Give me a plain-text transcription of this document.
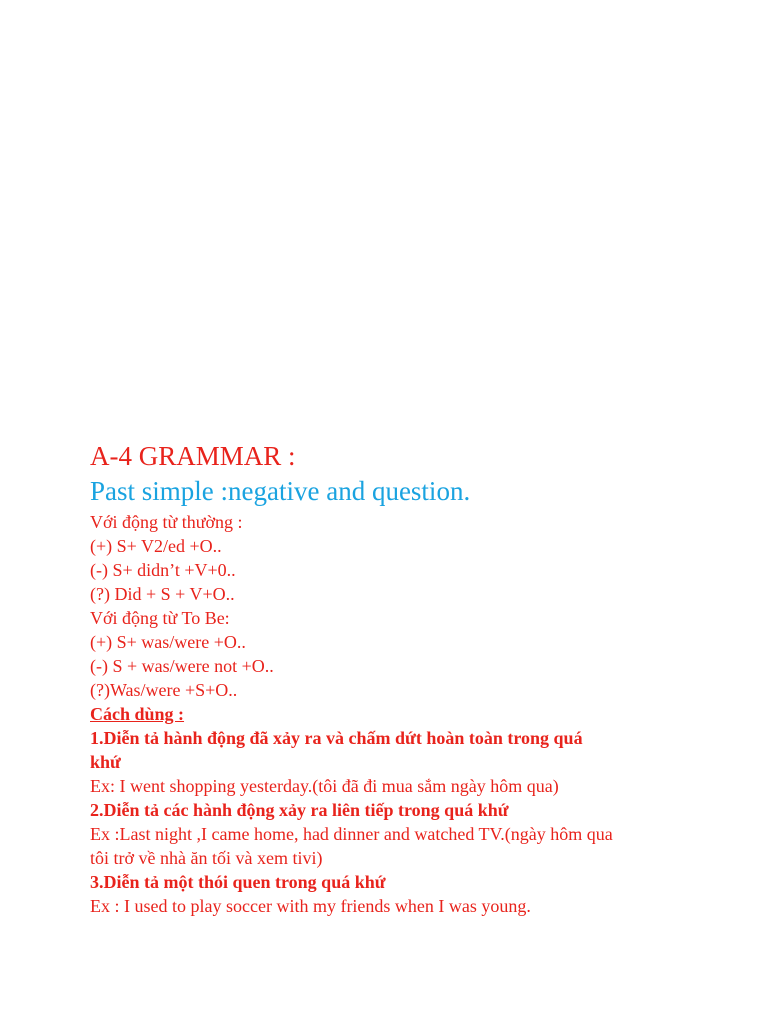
A-4 GRAMMAR :

Past simple :negative and question.

Với động từ thường :

(+) S+ V2/ed +O..

(-) S+ didn’t +V+0..

(?) Did + S + V+O..

Với động từ To Be:

(+) S+ was/were +O..

(-) S + was/were not +O..

(?)Was/were +S+O..

Cách dùng :

1.Diễn tả hành động đã xảy ra và chấm dứt hoàn toàn trong quá

khứ

Ex: I went shopping yesterday.(tôi đã đi mua sắm ngày hôm qua)

2.Diễn tả các hành động xảy ra liên tiếp trong quá khứ

Ex :Last night ,I came home, had dinner and watched TV.(ngày hôm qua

tôi trở về nhà ăn tối và xem tivi)

3.Diễn tả một thói quen trong quá khứ

Ex : I used to play soccer with my friends when I was young.
